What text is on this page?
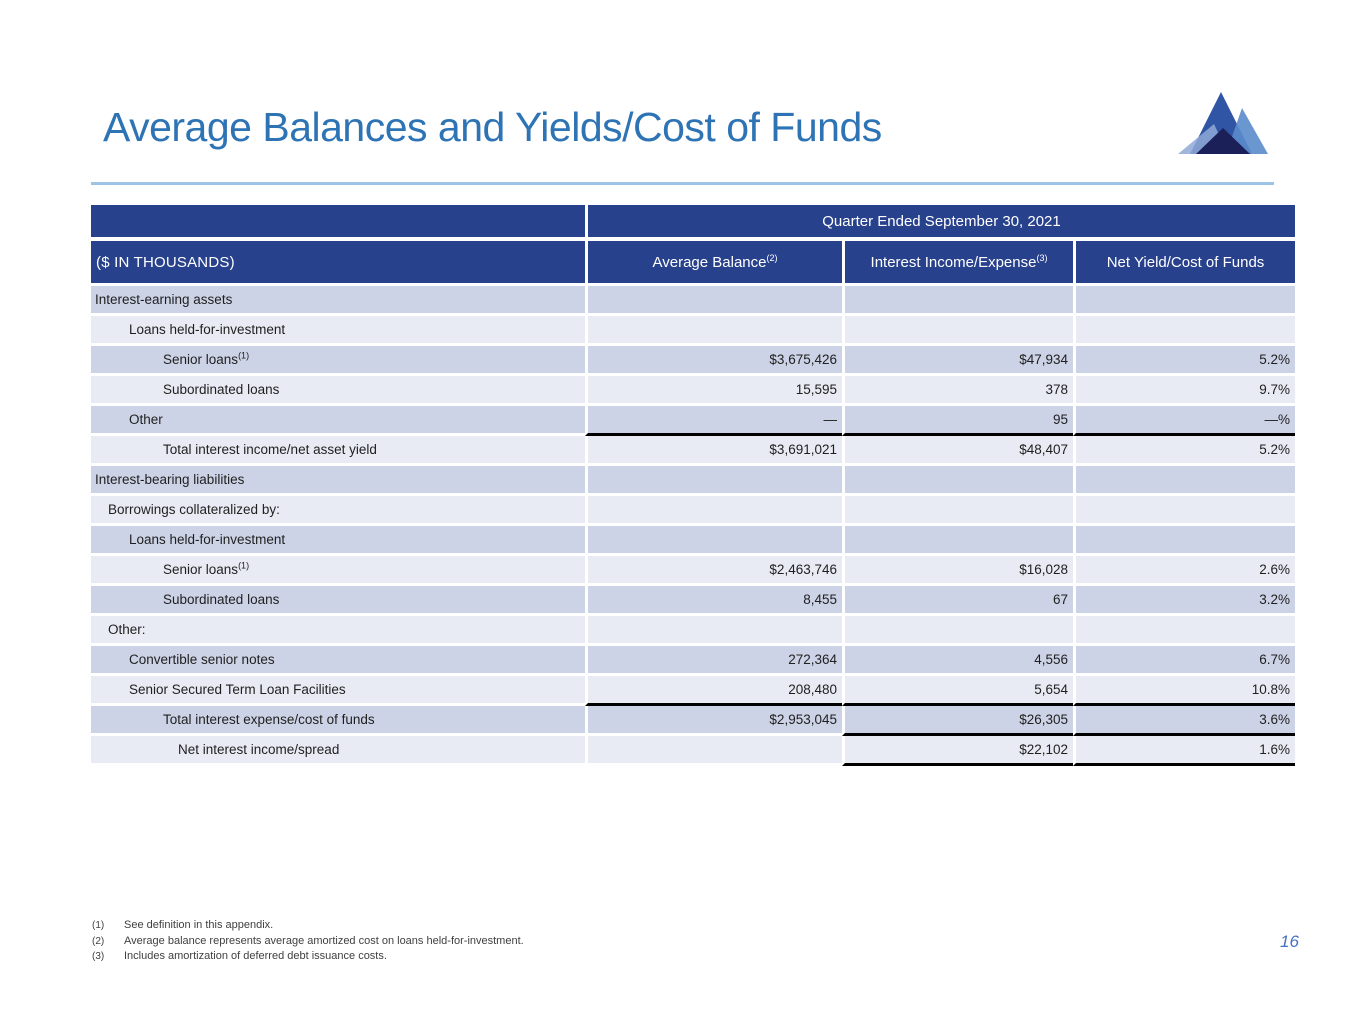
Average Balances and Yields/Cost of Funds
	Quarter Ended September 30, 2021		
($ IN THOUSANDS)	Average Balance$^{(2)}$	Interest Income/Expense$^{(3)}$	Net Yield/Cost of Funds
Interest-earning assets			
Loans held-for-investment			
Senior loans$^{(1)}$	$3,675,426	$47,934	5.2%
Subordinated loans	15,595	378	9.7%
Other	—	95	—%
Total interest income/net asset yield	$3,691,021	$48,407	5.2%
Interest-bearing liabilities			
Borrowings collateralized by:			
Loans held-for-investment			
Senior loans$^{(1)}$	$2,463,746	$16,028	2.6%
Subordinated loans	8,455	67	3.2%
Other:			
Convertible senior notes	272,364	4,556	6.7%
Senior Secured Term Loan Facilities	208,480	5,654	10.8%
Total interest expense/cost of funds	$2,953,045	$26,305	3.6%
Net interest income/spread		$22,102	1.6%
(1)	See definition in this appendix.
(2)	Average balance represents average amortized cost on loans held-for-investment.
(3)	Includes amortization of deferred debt issuance costs.
16
